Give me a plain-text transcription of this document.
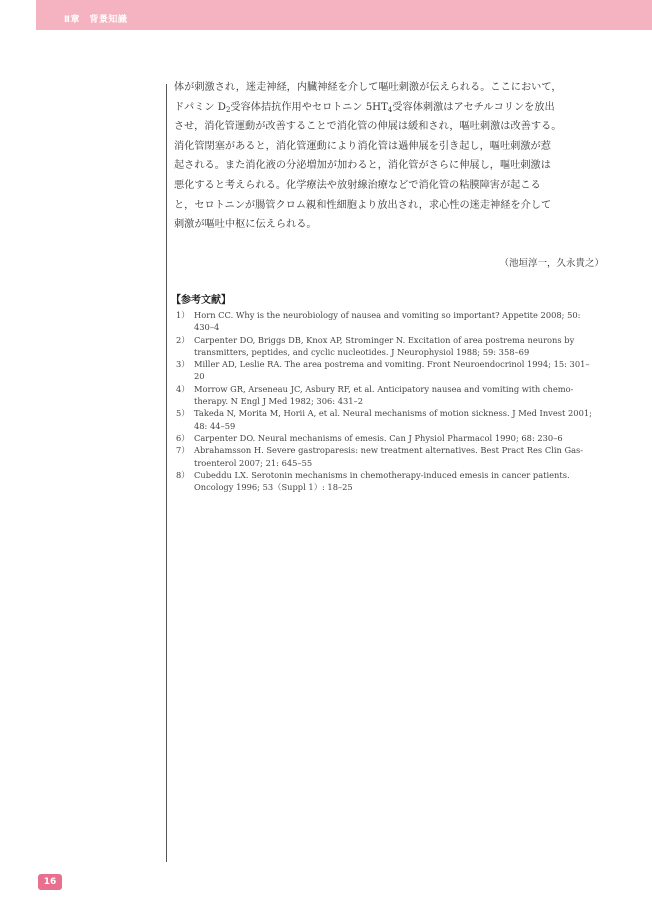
Ⅱ章　背景知識
体が刺激され，迷走神経，内臓神経を介して嘔吐刺激が伝えられる。ここにおいて，
ドパミン $D_2$受容体拮抗作用やセロトニン $5HT_4$受容体刺激はアセチルコリンを放出
させ，消化管運動が改善することで消化管の伸展は緩和され，嘔吐刺激は改善する。
消化管閉塞があると，消化管運動により消化管は過伸展を引き起し，嘔吐刺激が惹
起される。また消化液の分泌増加が加わると，消化管がさらに伸展し，嘔吐刺激は
悪化すると考えられる。化学療法や放射線治療などで消化管の粘膜障害が起こる
と，セロトニンが腸管クロム親和性細胞より放出され，求心性の迷走神経を介して
刺激が嘔吐中枢に伝えられる。
（池垣淳一，久永貴之）
【参考文献】
1） Horn CC. Why is the neurobiology of nausea and vomiting so important? Appetite 2008; 50:
430–4
2） Carpenter DO, Briggs DB, Knox AP, Strominger N. Excitation of area postrema neurons by
transmitters, peptides, and cyclic nucleotides. J Neurophysiol 1988; 59: 358–69
3） Miller AD, Leslie RA. The area postrema and vomiting. Front Neuroendocrinol 1994; 15: 301–
20
4） Morrow GR, Arseneau JC, Asbury RF, et al. Anticipatory nausea and vomiting with chemo-
therapy. N Engl J Med 1982; 306: 431–2
5） Takeda N, Morita M, Horii A, et al. Neural mechanisms of motion sickness. J Med Invest 2001;
48: 44–59
6） Carpenter DO. Neural mechanisms of emesis. Can J Physiol Pharmacol 1990; 68: 230–6
7） Abrahamsson H. Severe gastroparesis: new treatment alternatives. Best Pract Res Clin Gas-
troenterol 2007; 21: 645–55
8） Cubeddu LX. Serotonin mechanisms in chemotherapy-induced emesis in cancer patients.
Oncology 1996; 53（Suppl 1）: 18–25
16
